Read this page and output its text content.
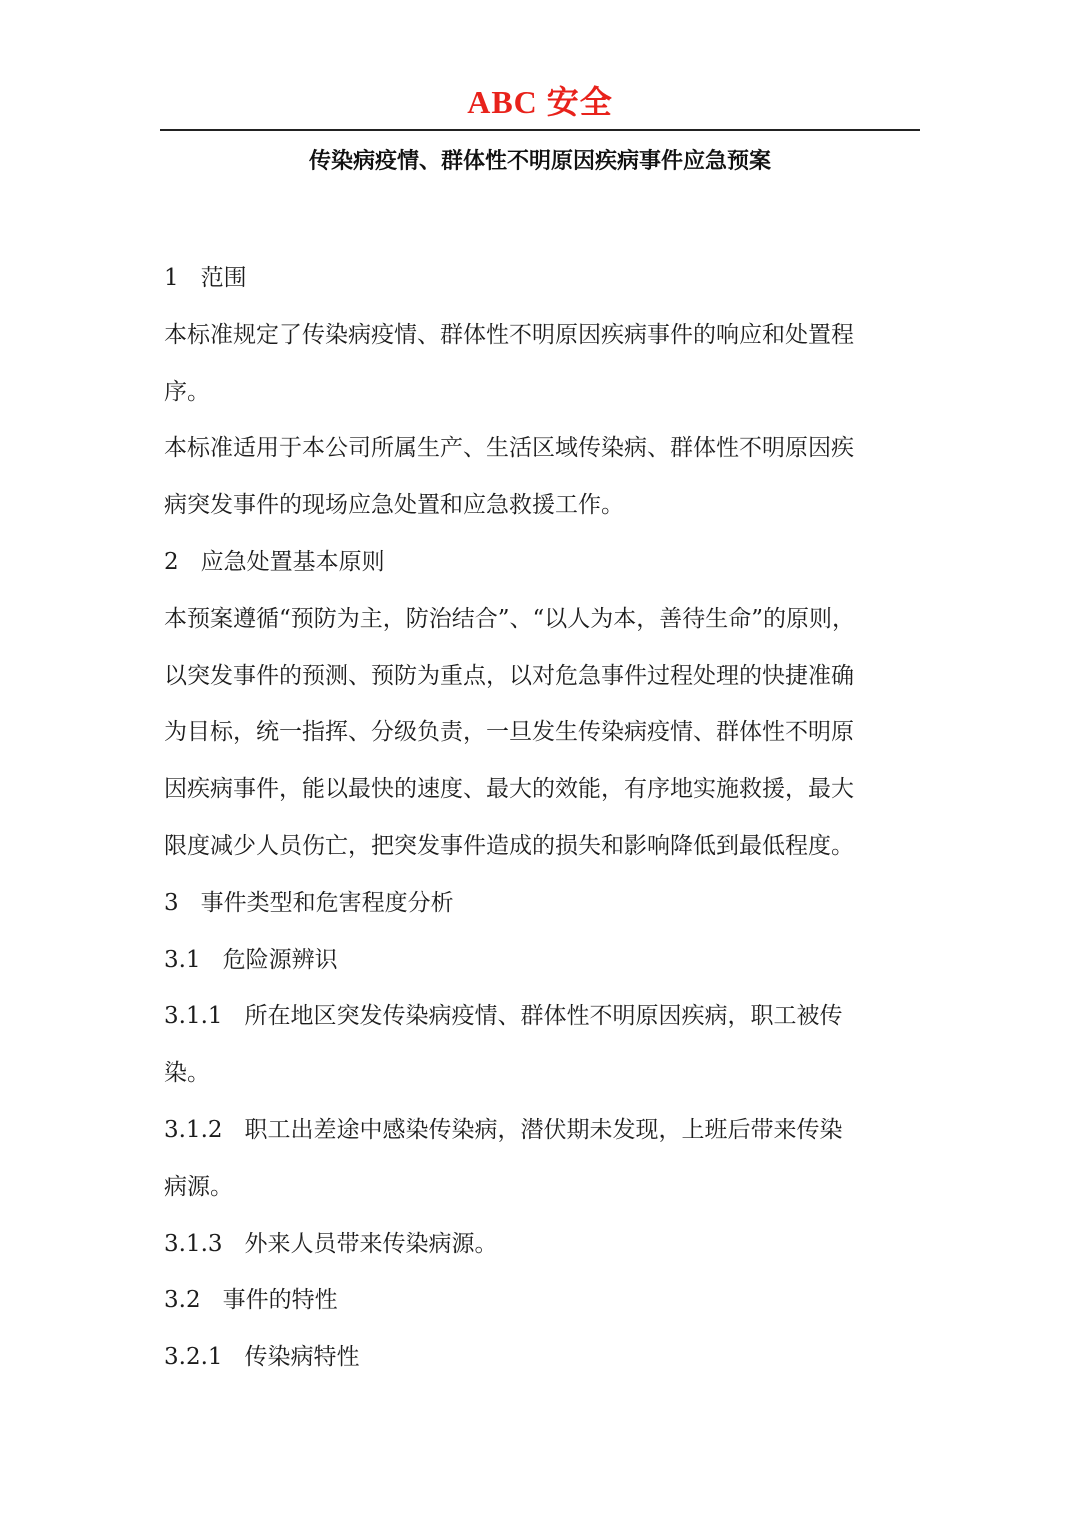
ABC 安全
传染病疫情、群体性不明原因疾病事件应急预案
1 范围
本标准规定了传染病疫情、群体性不明原因疾病事件的响应和处置程
序。
本标准适用于本公司所属生产、生活区域传染病、群体性不明原因疾
病突发事件的现场应急处置和应急救援工作。
2 应急处置基本原则
本预案遵循“预防为主，防治结合”、“以人为本，善待生命”的原则，
以突发事件的预测、预防为重点，以对危急事件过程处理的快捷准确
为目标，统一指挥、分级负责，一旦发生传染病疫情、群体性不明原
因疾病事件，能以最快的速度、最大的效能，有序地实施救援，最大
限度减少人员伤亡，把突发事件造成的损失和影响降低到最低程度。
3 事件类型和危害程度分析
3.1 危险源辨识
3.1.1 所在地区突发传染病疫情、群体性不明原因疾病，职工被传
染。
3.1.2 职工出差途中感染传染病，潜伏期未发现，上班后带来传染
病源。
3.1.3 外来人员带来传染病源。
3.2 事件的特性
3.2.1 传染病特性
